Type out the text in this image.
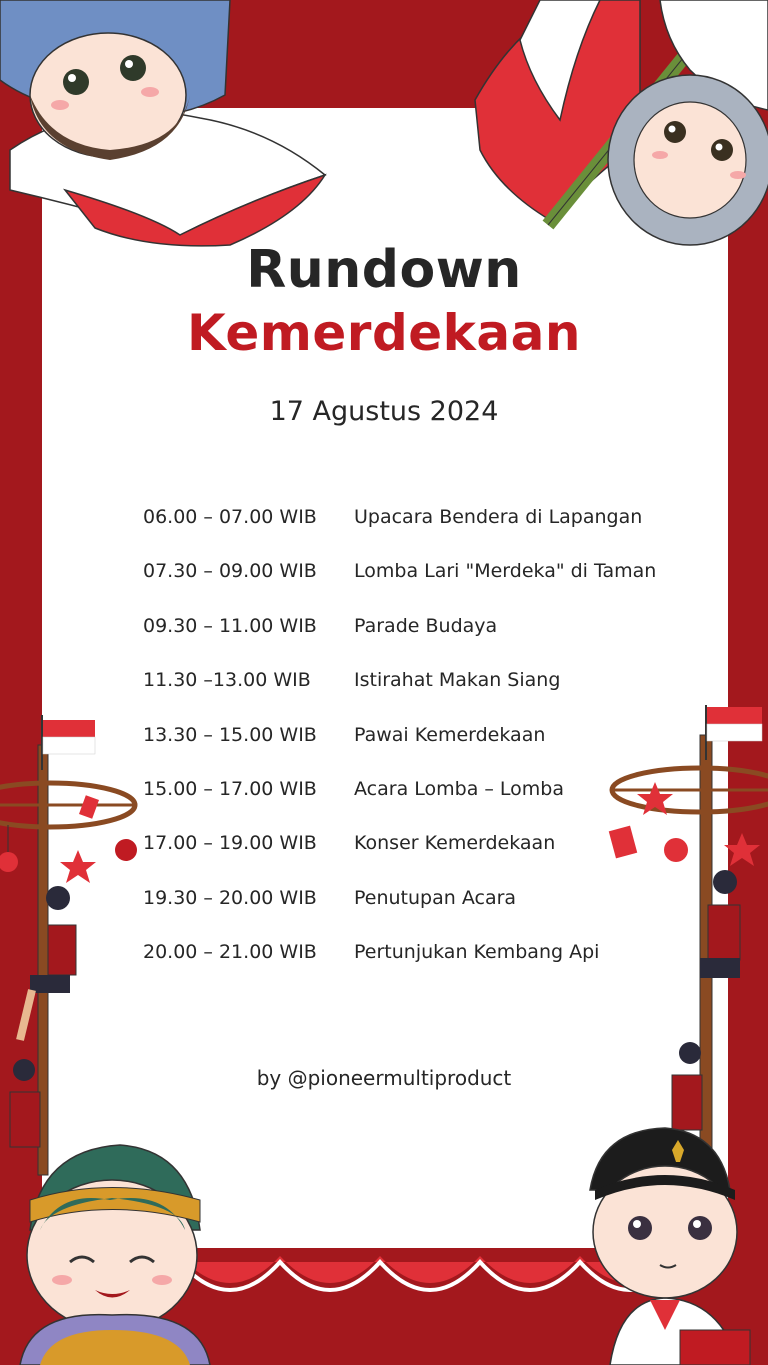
Rundown
Kemerdekaan
17 Agustus 2024
06.00 – 07.00 WIB Upacara Bendera di Lapangan
07.30 – 09.00 WIB Lomba Lari "Merdeka" di Taman
09.30 – 11.00 WIB Parade Budaya
11.30 –13.00 WIB Istirahat Makan Siang
13.30 – 15.00 WIB Pawai Kemerdekaan
15.00 – 17.00 WIB Acara Lomba – Lomba
17.00 – 19.00 WIB Konser Kemerdekaan
19.30 – 20.00 WIB Penutupan Acara
20.00 – 21.00 WIB Pertunjukan Kembang Api
by @pioneermultiproduct
